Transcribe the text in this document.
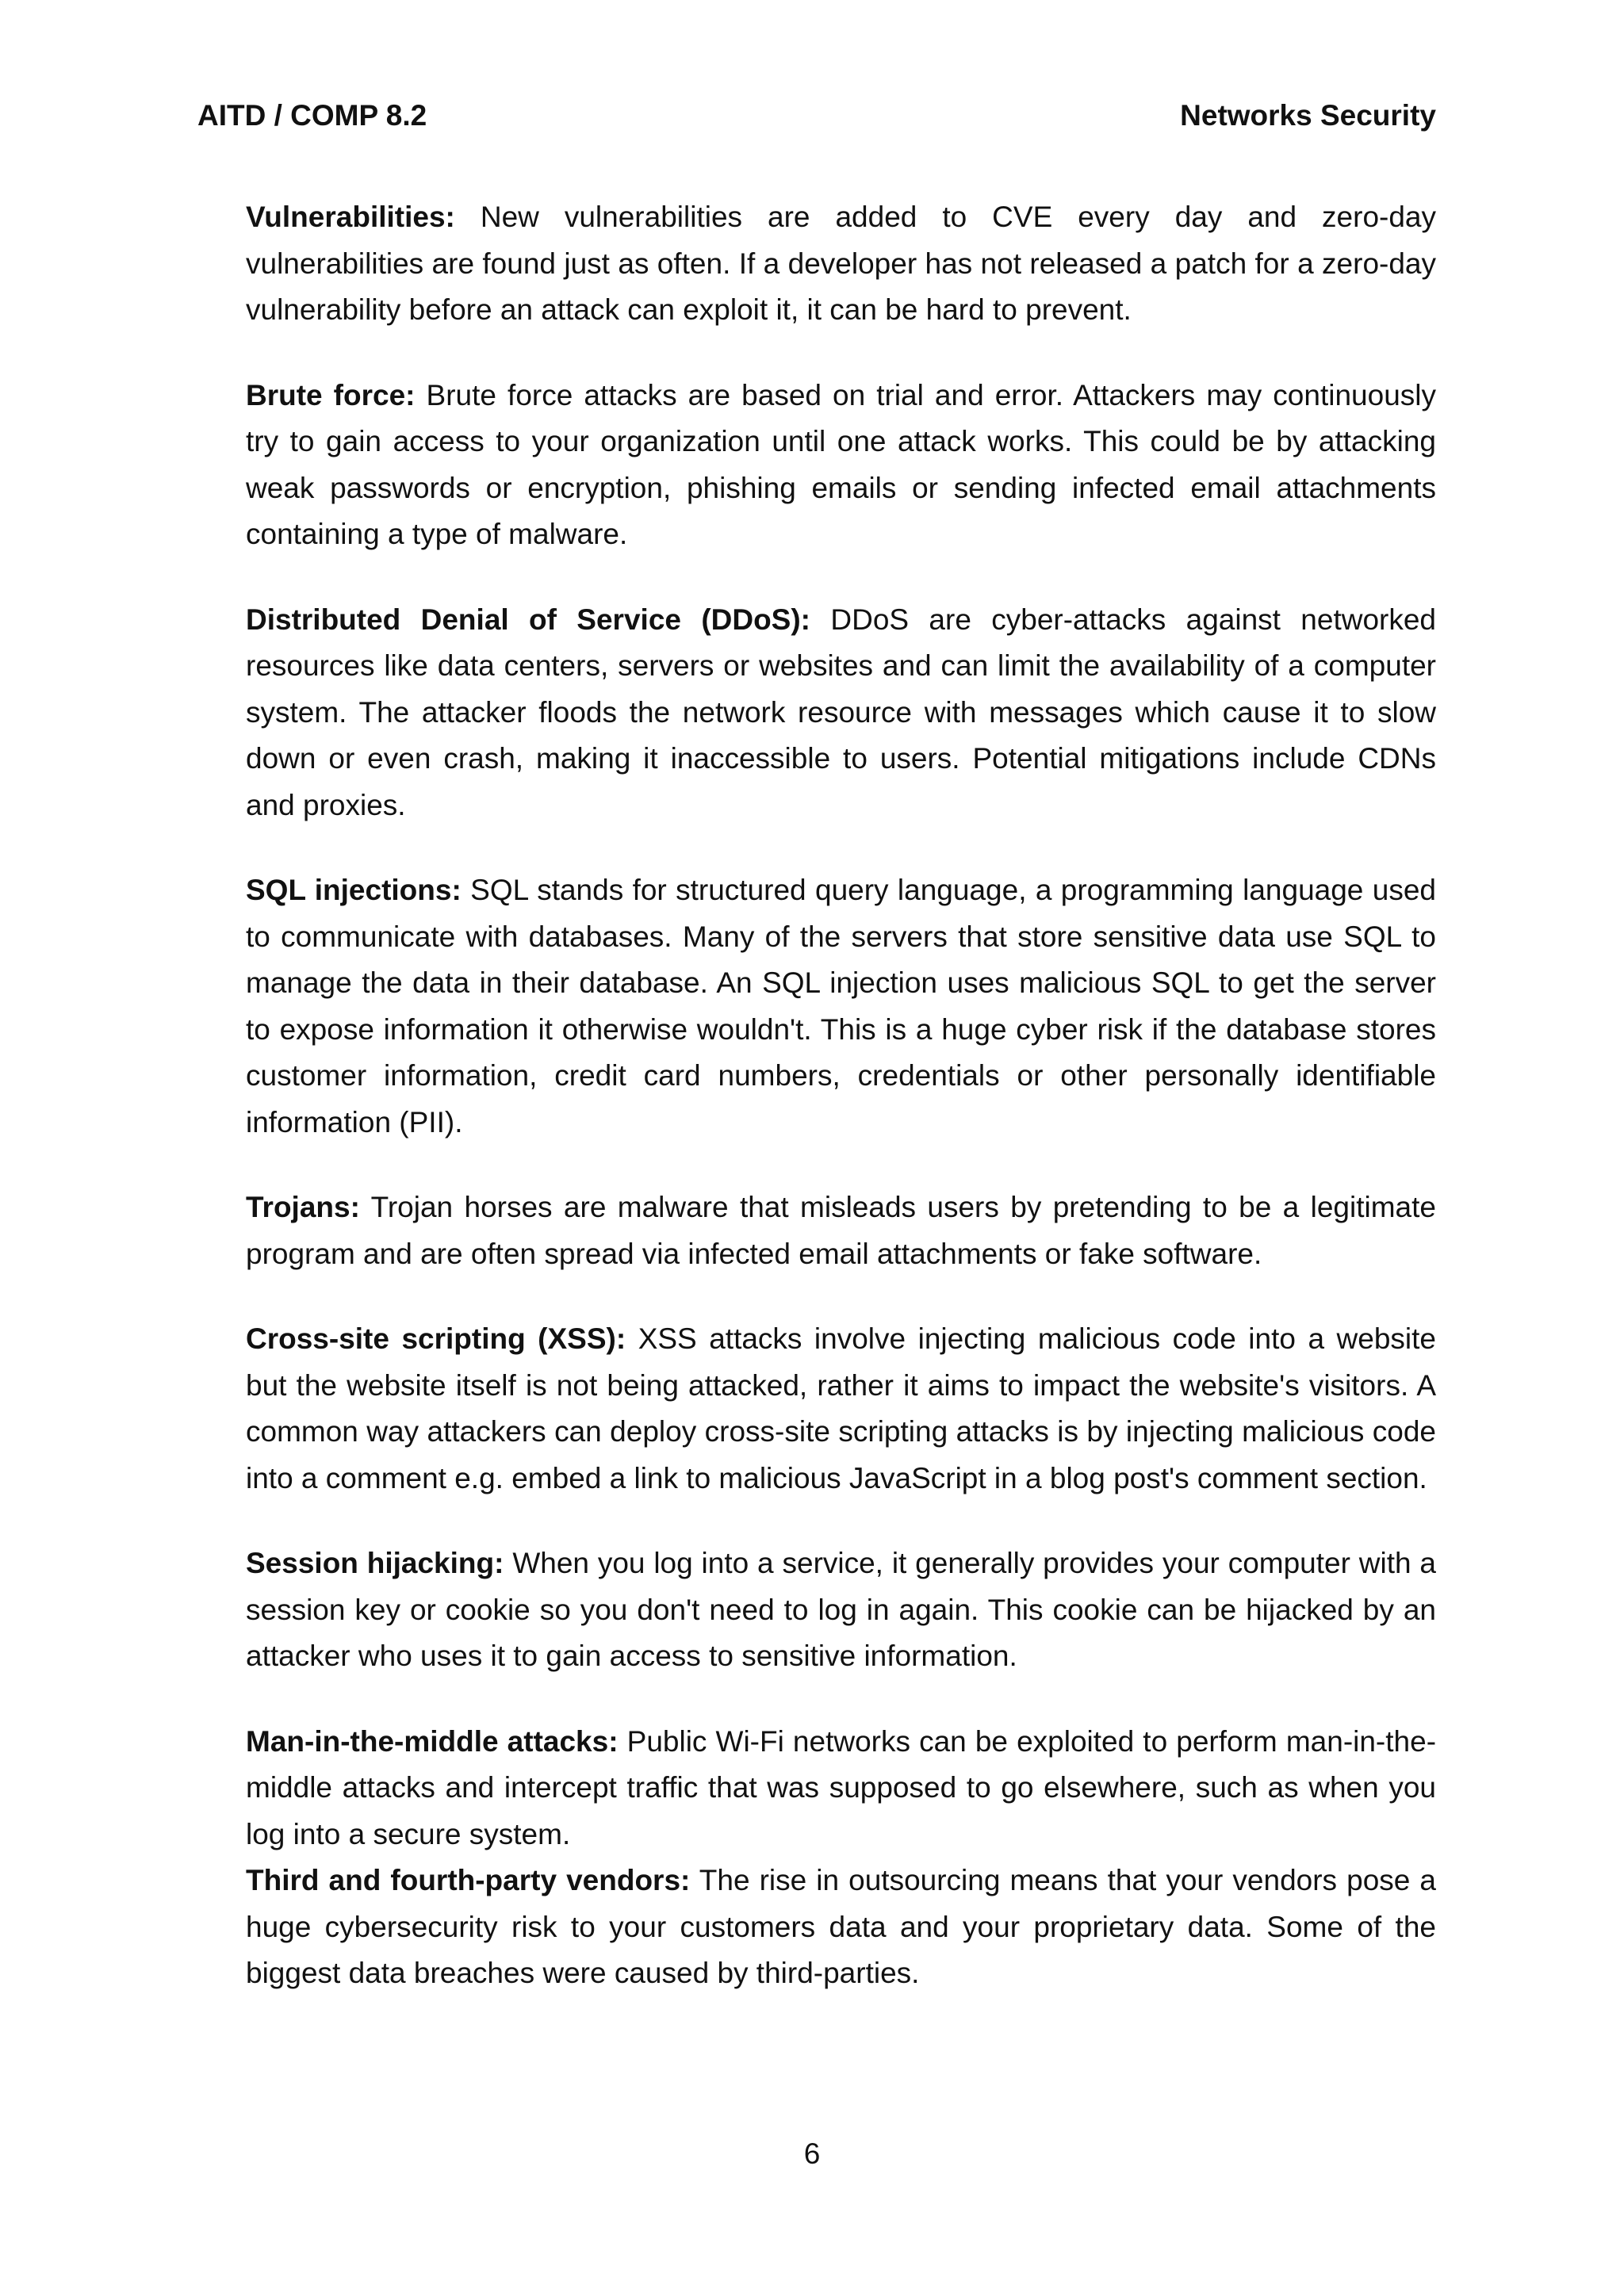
AITD / COMP 8.2	Networks Security

Vulnerabilities: New vulnerabilities are added to CVE every day and zero-day vulnerabilities are found just as often. If a developer has not released a patch for a zero-day vulnerability before an attack can exploit it, it can be hard to prevent.

Brute force: Brute force attacks are based on trial and error. Attackers may continuously try to gain access to your organization until one attack works. This could be by attacking weak passwords or encryption, phishing emails or sending infected email attachments containing a type of malware.

Distributed Denial of Service (DDoS): DDoS are cyber-attacks against networked resources like data centers, servers or websites and can limit the availability of a computer system. The attacker floods the network resource with messages which cause it to slow down or even crash, making it inaccessible to users. Potential mitigations include CDNs and proxies.

SQL injections: SQL stands for structured query language, a programming language used to communicate with databases. Many of the servers that store sensitive data use SQL to manage the data in their database. An SQL injection uses malicious SQL to get the server to expose information it otherwise wouldn't. This is a huge cyber risk if the database stores customer information, credit card numbers, credentials or other personally identifiable information (PII).

Trojans: Trojan horses are malware that misleads users by pretending to be a legitimate program and are often spread via infected email attachments or fake software.

Cross-site scripting (XSS): XSS attacks involve injecting malicious code into a website but the website itself is not being attacked, rather it aims to impact the website's visitors. A common way attackers can deploy cross-site scripting attacks is by injecting malicious code into a comment e.g. embed a link to malicious JavaScript in a blog post's comment section.

Session hijacking: When you log into a service, it generally provides your computer with a session key or cookie so you don't need to log in again. This cookie can be hijacked by an attacker who uses it to gain access to sensitive information.

Man-in-the-middle attacks: Public Wi-Fi networks can be exploited to perform man-in-the-middle attacks and intercept traffic that was supposed to go elsewhere, such as when you log into a secure system.

Third and fourth-party vendors: The rise in outsourcing means that your vendors pose a huge cybersecurity risk to your customers data and your proprietary data. Some of the biggest data breaches were caused by third-parties.

6
